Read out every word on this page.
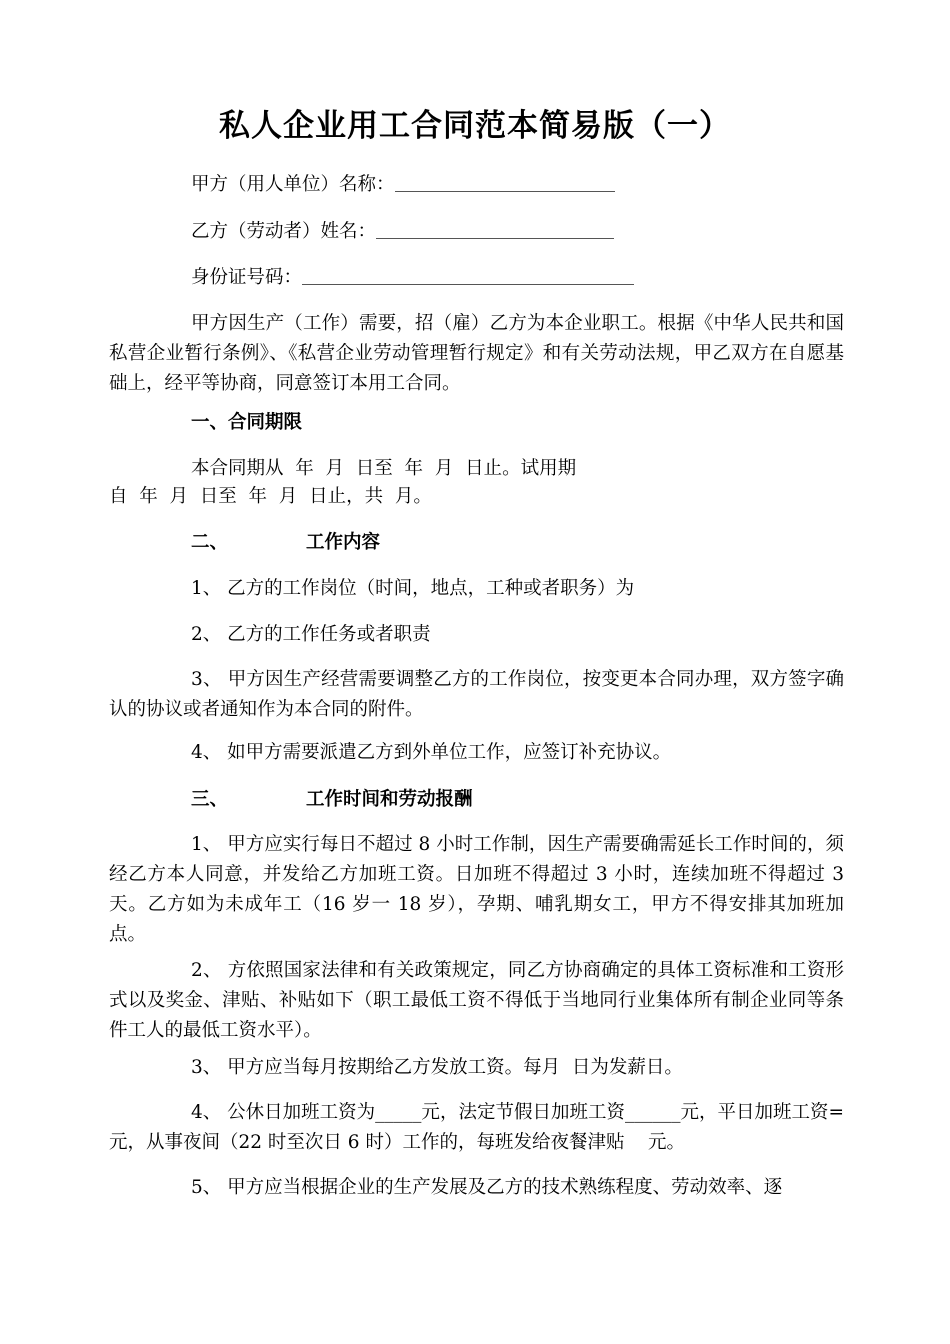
私人企业用工合同范本简易版（一）
甲方（用人单位）名称：
乙方（劳动者）姓名：
身份证号码：
甲方因生产（工作）需要，招（雇）乙方为本企业职工。根据《中华人民共和国私营企业暂行条例》、《私营企业劳动管理暂行规定》和有关劳动法规，甲乙双方在自愿基础上，经平等协商，同意签订本用工合同。
一、合同期限
本合同期从  年  月  日至  年  月  日止。试用期
自  年  月  日至  年  月  日止，共  月。
二、	工作内容
1、 乙方的工作岗位（时间，地点，工种或者职务）为
2、 乙方的工作任务或者职责
3、 甲方因生产经营需要调整乙方的工作岗位，按变更本合同办理，双方签字确认的协议或者通知作为本合同的附件。
4、 如甲方需要派遣乙方到外单位工作，应签订补充协议。
三、	工作时间和劳动报酬
1、 甲方应实行每日不超过 8 小时工作制，因生产需要确需延长工作时间的，须经乙方本人同意，并发给乙方加班工资。日加班不得超过 3 小时，连续加班不得超过 3 天。乙方如为未成年工（16 岁一 18 岁），孕期、哺乳期女工，甲方不得安排其加班加点。
2、 方依照国家法律和有关政策规定，同乙方协商确定的具体工资标准和工资形式以及奖金、津贴、补贴如下（职工最低工资不得低于当地同行业集体所有制企业同等条件工人的最低工资水平）。
3、 甲方应当每月按期给乙方发放工资。每月  日为发薪日。
4、 公休日加班工资为_____元，法定节假日加班工资______元，平日加班工资=元，从事夜间（22 时至次日 6 时）工作的，每班发给夜餐津贴    元。
5、 甲方应当根据企业的生产发展及乙方的技术熟练程度、劳动效率、逐
